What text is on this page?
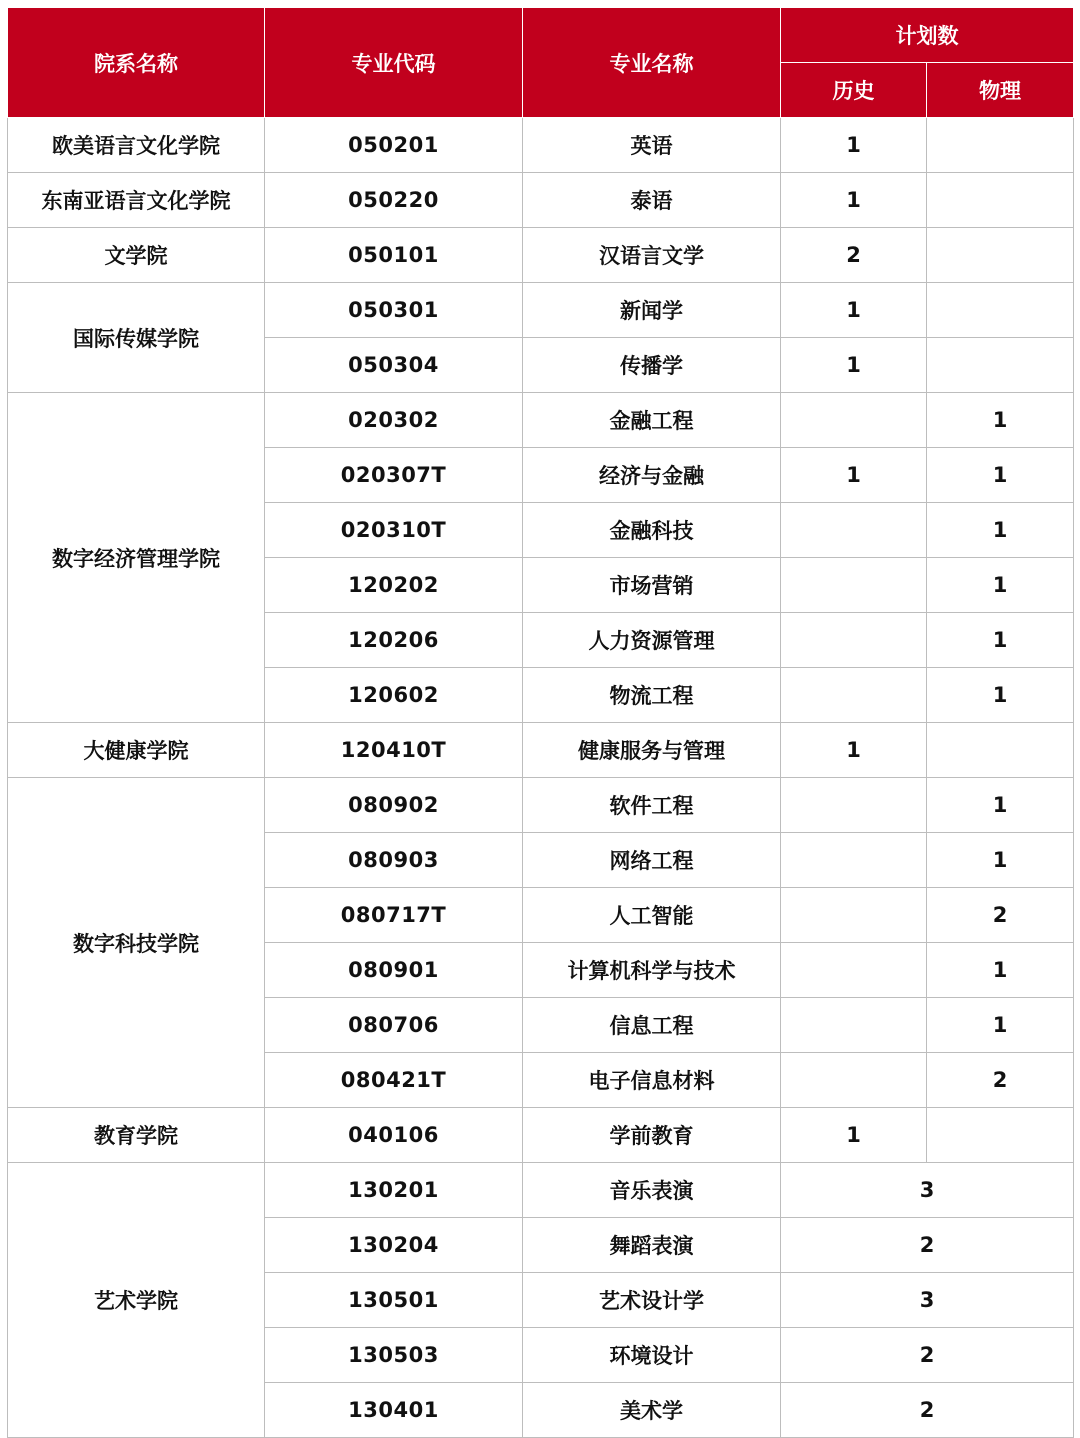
院系名称	专业代码	专业名称	计划数	
			历史	物理
欧美语言文化学院	050201	英语	1	
东南亚语言文化学院	050220	泰语	1	
文学院	050101	汉语言文学	2	
国际传媒学院	050301	新闻学	1	
	050304	传播学	1	
数字经济管理学院	020302	金融工程		1
	020307T	经济与金融	1	1
	020310T	金融科技		1
	120202	市场营销		1
	120206	人力资源管理		1
	120602	物流工程		1
大健康学院	120410T	健康服务与管理	1	
数字科技学院	080902	软件工程		1
	080903	网络工程		1
	080717T	人工智能		2
	080901	计算机科学与技术		1
	080706	信息工程		1
	080421T	电子信息材料		2
教育学院	040106	学前教育	1	
艺术学院	130201	音乐表演	3	
	130204	舞蹈表演	2	
	130501	艺术设计学	3	
	130503	环境设计	2	
	130401	美术学	2	
